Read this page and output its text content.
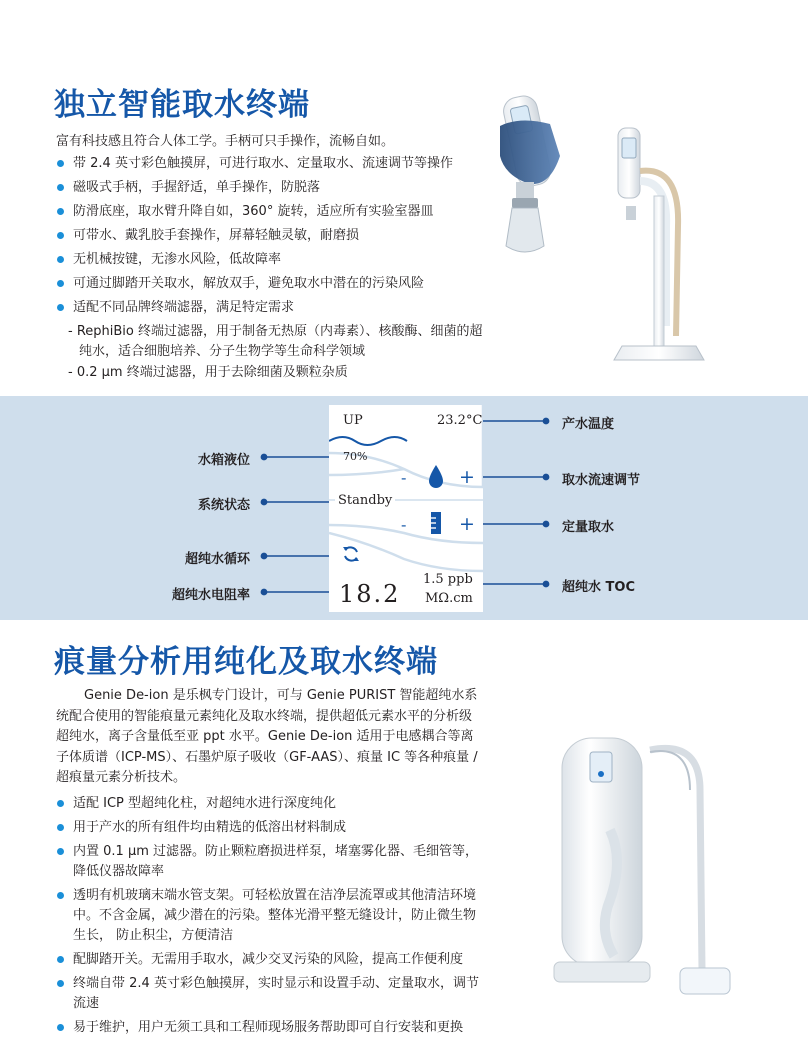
独立智能取水终端
富有科技感且符合人体工学。手柄可只手操作，流畅自如。
带 2.4 英寸彩色触摸屏，可进行取水、定量取水、流速调节等操作
磁吸式手柄，手握舒适，单手操作，防脱落
防滑底座，取水臂升降自如，360° 旋转，适应所有实验室器皿
可带水、戴乳胶手套操作，屏幕轻触灵敏，耐磨损
无机械按键，无渗水风险，低故障率
可通过脚踏开关取水，解放双手，避免取水中潜在的污染风险
适配不同品牌终端滤器，满足特定需求
- RephiBio 终端过滤器，用于制备无热原（内毒素）、核酸酶、细菌的超纯水，适合细胞培养、分子生物学等生命科学领域
- 0.2 µm 终端过滤器，用于去除细菌及颗粒杂质
水箱液位
系统状态
超纯水循环
超纯水电阻率
产水温度
取水流速调节
定量取水
超纯水 TOC
UP	23.2°C
70%
-	+
Standby
-	+
18.2
1.5 ppb
MΩ.cm
痕量分析用纯化及取水终端
Genie De-ion 是乐枫专门设计，可与 Genie PURIST 智能超纯水系统配合使用的智能痕量元素纯化及取水终端，提供超低元素水平的分析级超纯水，离子含量低至亚 ppt 水平。Genie De-ion 适用于电感耦合等离子体质谱（ICP-MS）、石墨炉原子吸收（GF-AAS）、痕量 IC 等各种痕量 / 超痕量元素分析技术。
适配 ICP 型超纯化柱，对超纯水进行深度纯化
用于产水的所有组件均由精选的低溶出材料制成
内置 0.1 µm 过滤器。防止颗粒磨损进样泵，堵塞雾化器、毛细管等，降低仪器故障率
透明有机玻璃末端水管支架。可轻松放置在洁净层流罩或其他清洁环境中。不含金属，减少潜在的污染。整体光滑平整无缝设计，防止微生物生长， 防止积尘，方便清洁
配脚踏开关。无需用手取水，减少交叉污染的风险，提高工作便利度
终端自带 2.4 英寸彩色触摸屏，实时显示和设置手动、定量取水，调节流速
易于维护，用户无须工具和工程师现场服务帮助即可自行安装和更换
